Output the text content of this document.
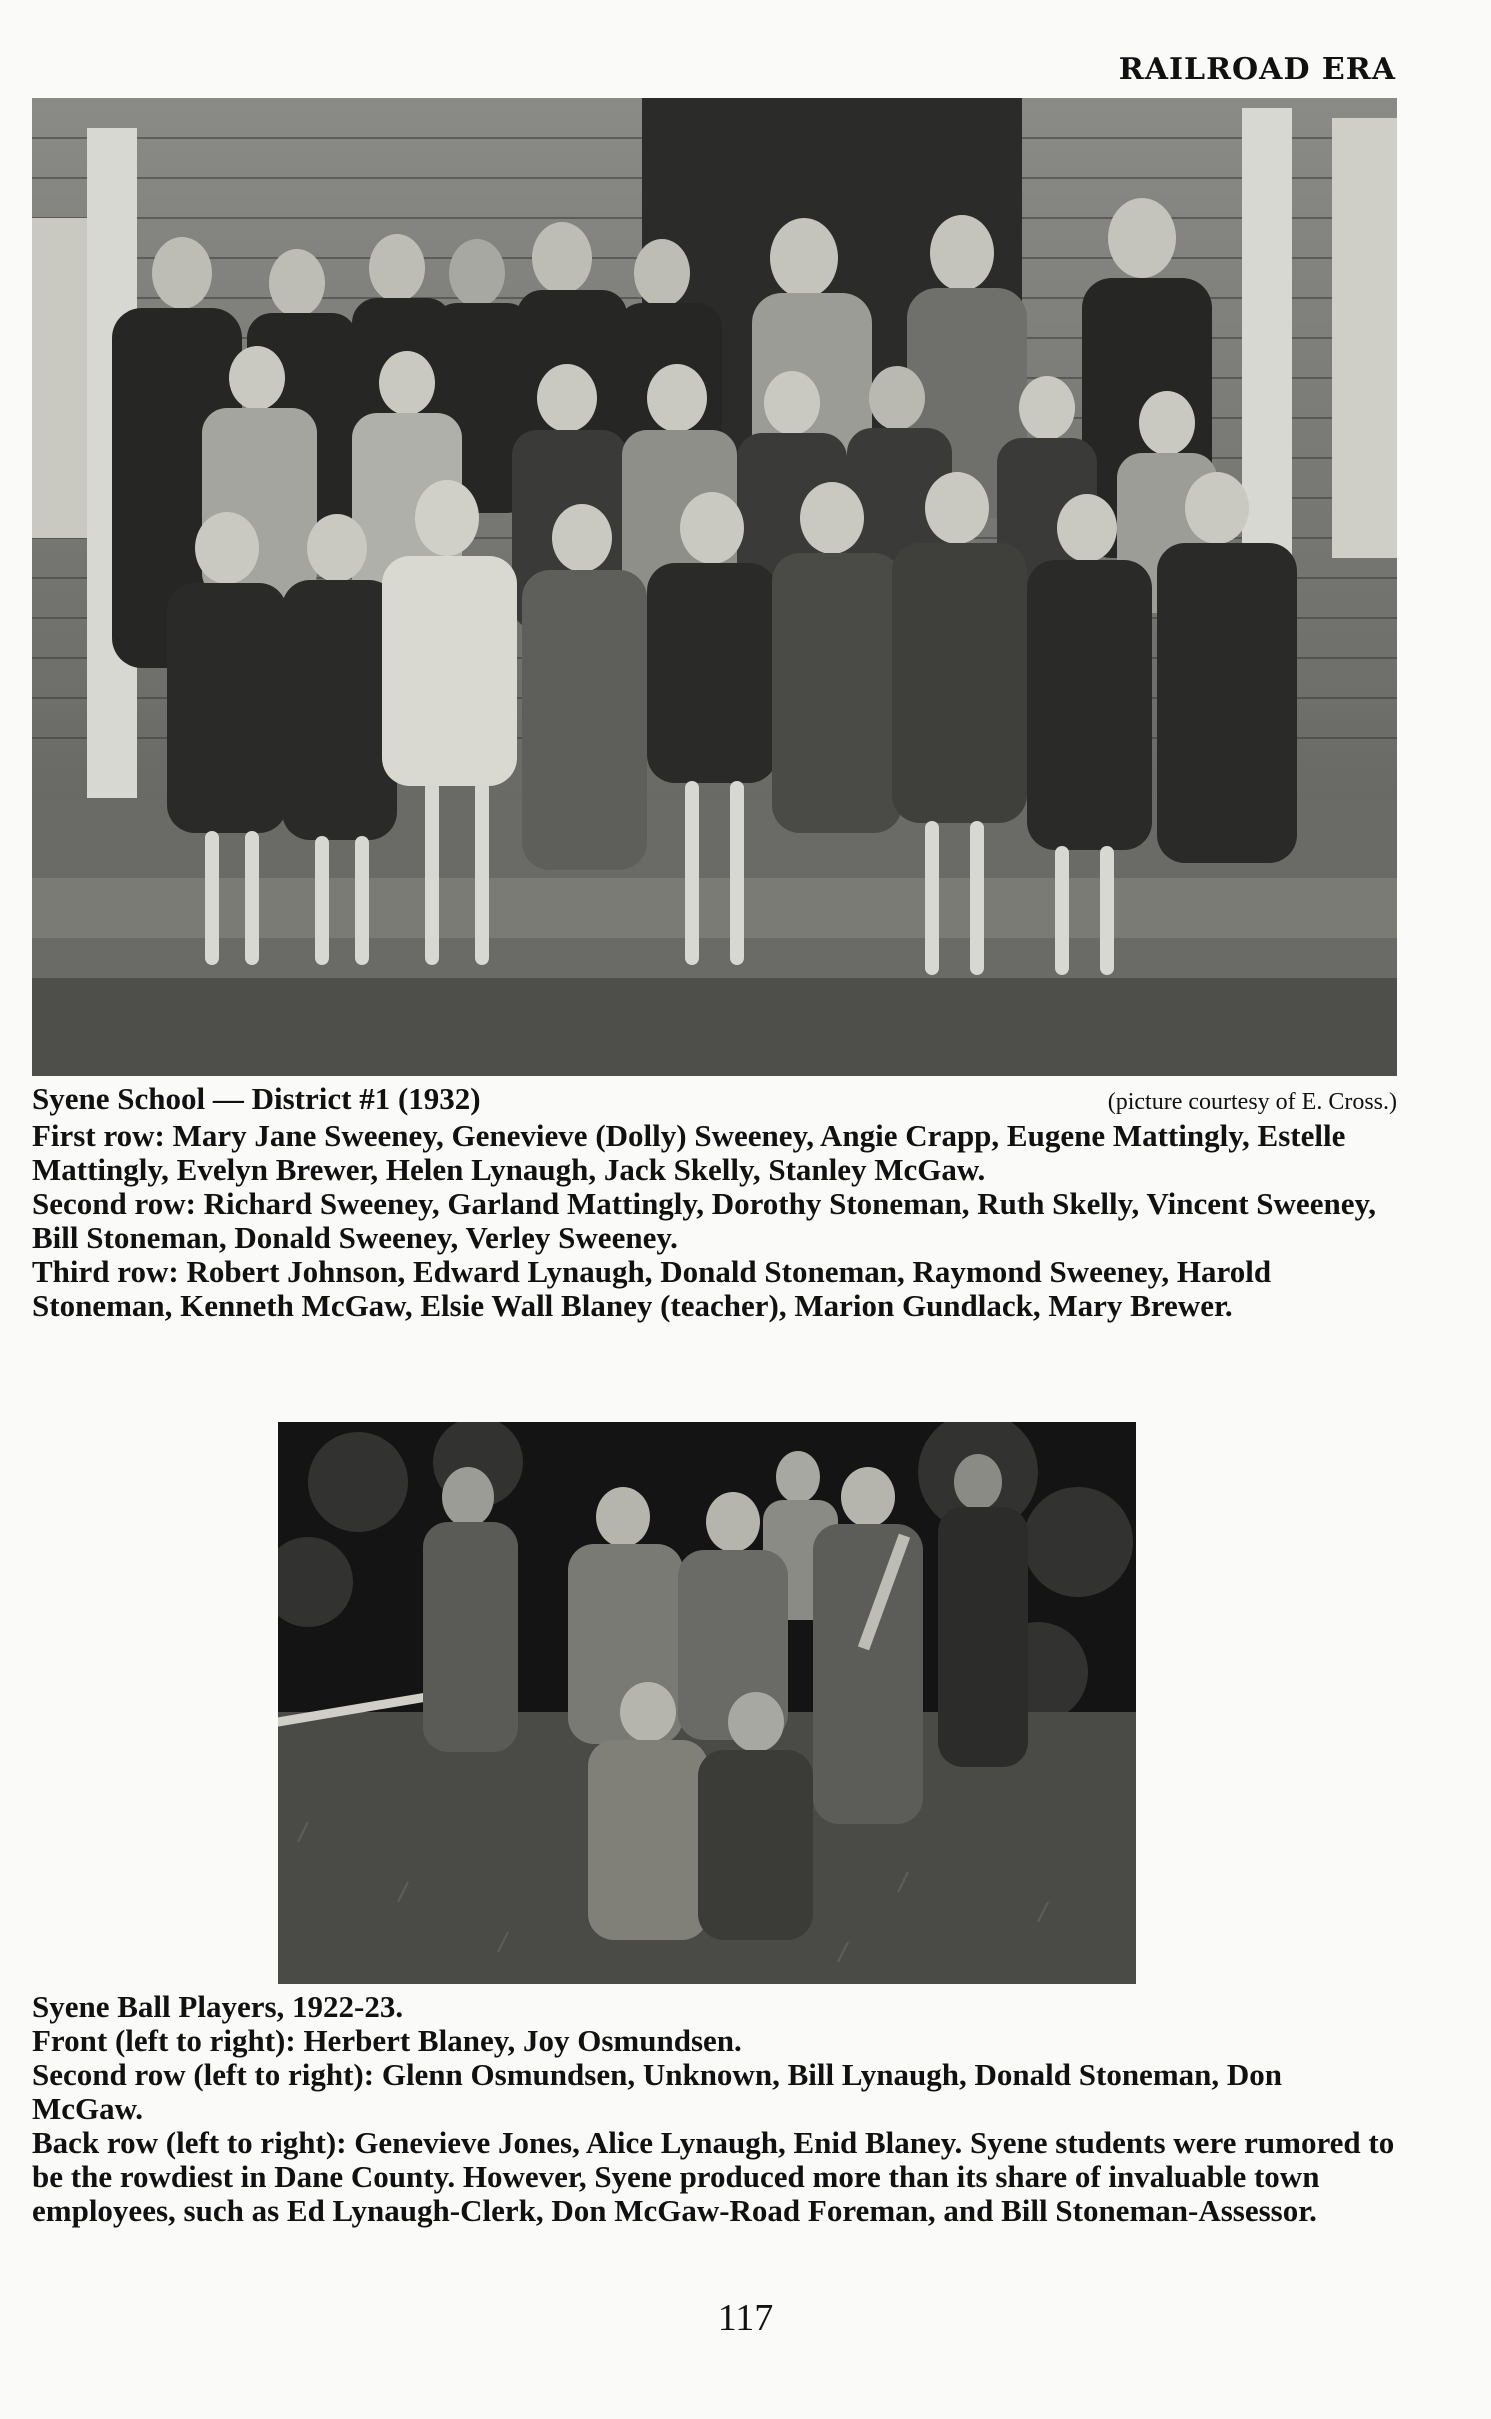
RAILROAD ERA
Syene School — District #1 (1932)	(picture courtesy of E. Cross.)

First row: Mary Jane Sweeney, Genevieve (Dolly) Sweeney, Angie Crapp, Eugene Mattingly, Estelle Mattingly, Evelyn Brewer, Helen Lynaugh, Jack Skelly, Stanley McGaw.

Second row: Richard Sweeney, Garland Mattingly, Dorothy Stoneman, Ruth Skelly, Vincent Sweeney, Bill Stoneman, Donald Sweeney, Verley Sweeney.

Third row: Robert Johnson, Edward Lynaugh, Donald Stoneman, Raymond Sweeney, Harold Stoneman, Kenneth McGaw, Elsie Wall Blaney (teacher), Marion Gundlack, Mary Brewer.

Syene Ball Players, 1922-23.

Front (left to right): Herbert Blaney, Joy Osmundsen.

Second row (left to right): Glenn Osmundsen, Unknown, Bill Lynaugh, Donald Stoneman, Don McGaw.

Back row (left to right): Genevieve Jones, Alice Lynaugh, Enid Blaney. Syene students were rumored to be the rowdiest in Dane County. However, Syene produced more than its share of invaluable town employees, such as Ed Lynaugh-Clerk, Don McGaw-Road Foreman, and Bill Stoneman-Assessor.

117
